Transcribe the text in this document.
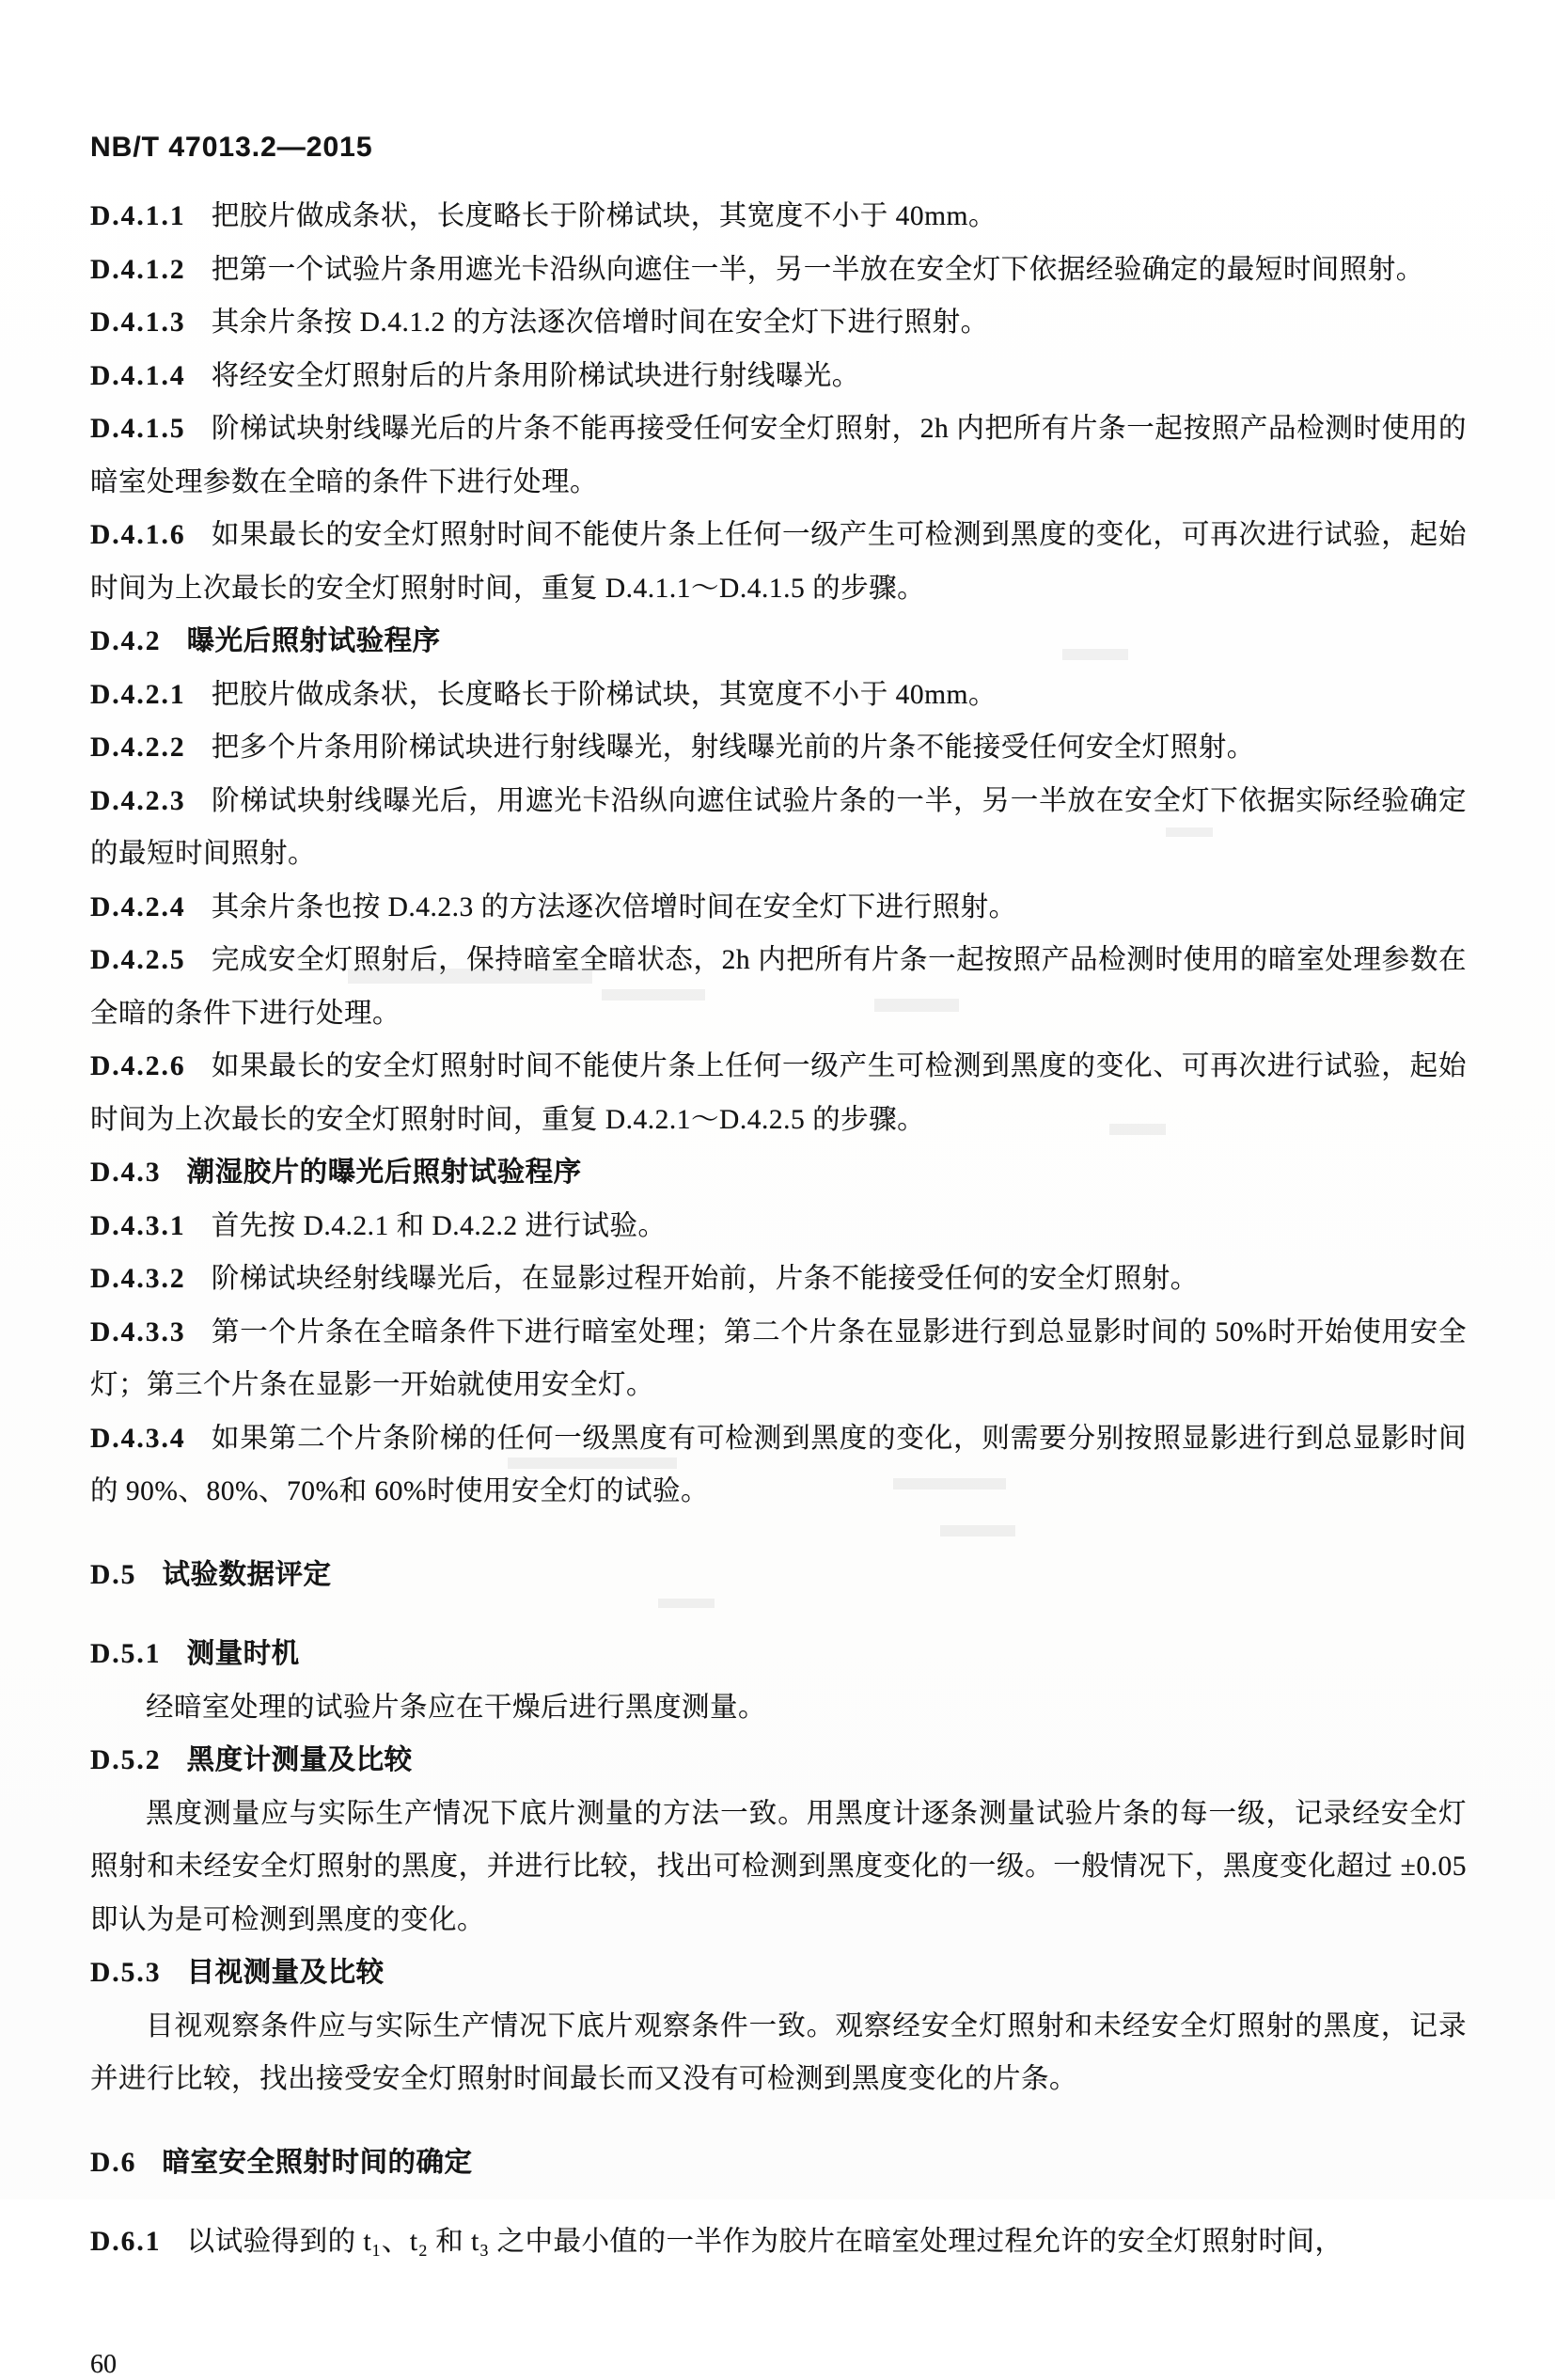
NB/T 47013.2—2015

D.4.1.1 把胶片做成条状，长度略长于阶梯试块，其宽度不小于 40mm。

D.4.1.2 把第一个试验片条用遮光卡沿纵向遮住一半，另一半放在安全灯下依据经验确定的最短时间照射。

D.4.1.3 其余片条按 D.4.1.2 的方法逐次倍增时间在安全灯下进行照射。

D.4.1.4 将经安全灯照射后的片条用阶梯试块进行射线曝光。

D.4.1.5 阶梯试块射线曝光后的片条不能再接受任何安全灯照射，2h 内把所有片条一起按照产品检测时使用的暗室处理参数在全暗的条件下进行处理。

D.4.1.6 如果最长的安全灯照射时间不能使片条上任何一级产生可检测到黑度的变化，可再次进行试验，起始时间为上次最长的安全灯照射时间，重复 D.4.1.1～D.4.1.5 的步骤。

D.4.2 曝光后照射试验程序

D.4.2.1 把胶片做成条状，长度略长于阶梯试块，其宽度不小于 40mm。

D.4.2.2 把多个片条用阶梯试块进行射线曝光，射线曝光前的片条不能接受任何安全灯照射。

D.4.2.3 阶梯试块射线曝光后，用遮光卡沿纵向遮住试验片条的一半，另一半放在安全灯下依据实际经验确定的最短时间照射。

D.4.2.4 其余片条也按 D.4.2.3 的方法逐次倍增时间在安全灯下进行照射。

D.4.2.5 完成安全灯照射后，保持暗室全暗状态，2h 内把所有片条一起按照产品检测时使用的暗室处理参数在全暗的条件下进行处理。

D.4.2.6 如果最长的安全灯照射时间不能使片条上任何一级产生可检测到黑度的变化、可再次进行试验，起始时间为上次最长的安全灯照射时间，重复 D.4.2.1～D.4.2.5 的步骤。

D.4.3 潮湿胶片的曝光后照射试验程序

D.4.3.1 首先按 D.4.2.1 和 D.4.2.2 进行试验。

D.4.3.2 阶梯试块经射线曝光后，在显影过程开始前，片条不能接受任何的安全灯照射。

D.4.3.3 第一个片条在全暗条件下进行暗室处理；第二个片条在显影进行到总显影时间的 50%时开始使用安全灯；第三个片条在显影一开始就使用安全灯。

D.4.3.4 如果第二个片条阶梯的任何一级黑度有可检测到黑度的变化，则需要分别按照显影进行到总显影时间的 90%、80%、70%和 60%时使用安全灯的试验。

D.5 试验数据评定

D.5.1 测量时机

经暗室处理的试验片条应在干燥后进行黑度测量。

D.5.2 黑度计测量及比较

黑度测量应与实际生产情况下底片测量的方法一致。用黑度计逐条测量试验片条的每一级，记录经安全灯照射和未经安全灯照射的黑度，并进行比较，找出可检测到黑度变化的一级。一般情况下，黑度变化超过 ±0.05 即认为是可检测到黑度的变化。

D.5.3 目视测量及比较

目视观察条件应与实际生产情况下底片观察条件一致。观察经安全灯照射和未经安全灯照射的黑度，记录并进行比较，找出接受安全灯照射时间最长而又没有可检测到黑度变化的片条。

D.6 暗室安全照射时间的确定

D.6.1 以试验得到的 t₁、t₂ 和 t₃ 之中最小值的一半作为胶片在暗室处理过程允许的安全灯照射时间，

60
